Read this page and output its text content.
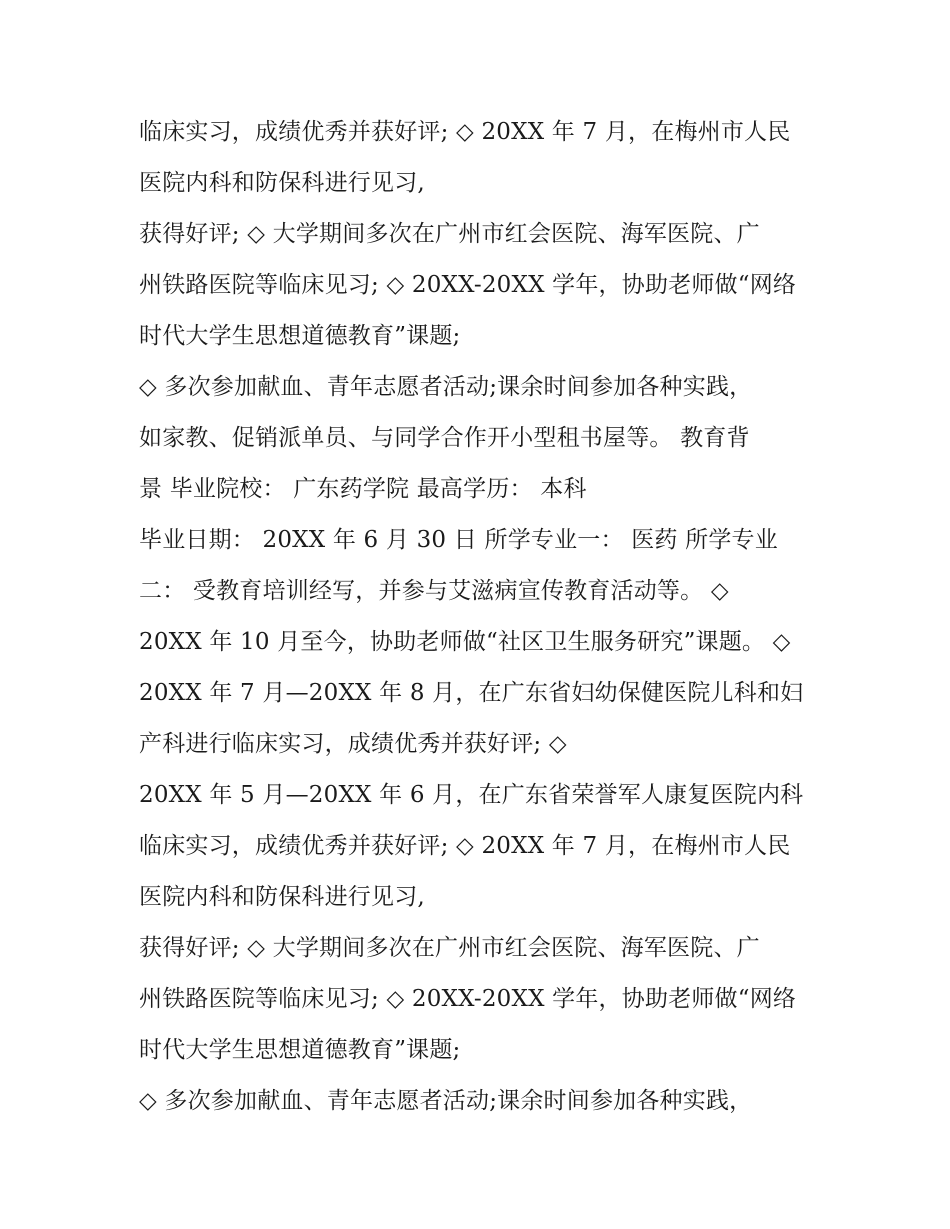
临床实习，成绩优秀并获好评; ◇ 20XX 年 7 月，在梅州市人民
医院内科和防保科进行见习,
获得好评; ◇ 大学期间多次在广州市红会医院、海军医院、广
州铁路医院等临床见习; ◇ 20XX-20XX 学年，协助老师做“网络
时代大学生思想道德教育”课题;
◇ 多次参加献血、青年志愿者活动;课余时间参加各种实践，
如家教、促销派单员、与同学合作开小型租书屋等。 教育背
景 毕业院校： 广东药学院 最高学历： 本科
毕业日期： 20XX 年 6 月 30 日 所学专业一： 医药 所学专业
二： 受教育培训经写，并参与艾滋病宣传教育活动等。 ◇
20XX 年 10 月至今，协助老师做“社区卫生服务研究”课题。 ◇
20XX 年 7 月—20XX 年 8 月，在广东省妇幼保健医院儿科和妇
产科进行临床实习，成绩优秀并获好评; ◇
20XX 年 5 月—20XX 年 6 月，在广东省荣誉军人康复医院内科
临床实习，成绩优秀并获好评; ◇ 20XX 年 7 月，在梅州市人民
医院内科和防保科进行见习,
获得好评; ◇ 大学期间多次在广州市红会医院、海军医院、广
州铁路医院等临床见习; ◇ 20XX-20XX 学年，协助老师做“网络
时代大学生思想道德教育”课题;
◇ 多次参加献血、青年志愿者活动;课余时间参加各种实践，
